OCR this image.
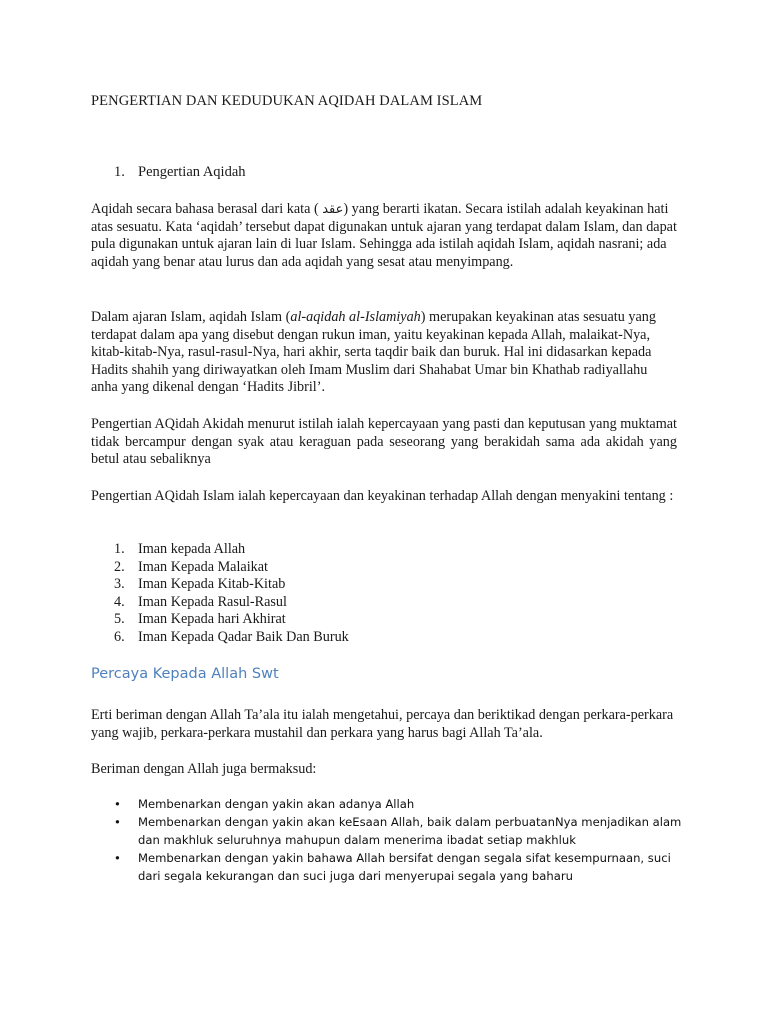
PENGERTIAN DAN KEDUDUKAN AQIDAH DALAM ISLAM
1. Pengertian Aqidah
Aqidah secara bahasa berasal dari kata ( عقد) yang berarti ikatan. Secara istilah adalah keyakinan hati atas sesuatu. Kata ‘aqidah’ tersebut dapat digunakan untuk ajaran yang terdapat dalam Islam, dan dapat pula digunakan untuk ajaran lain di luar Islam. Sehingga ada istilah aqidah Islam, aqidah nasrani; ada aqidah yang benar atau lurus dan ada aqidah yang sesat atau menyimpang.
Dalam ajaran Islam, aqidah Islam (al-aqidah al-Islamiyah) merupakan keyakinan atas sesuatu yang terdapat dalam apa yang disebut dengan rukun iman, yaitu keyakinan kepada Allah, malaikat-Nya, kitab-kitab-Nya, rasul-rasul-Nya, hari akhir, serta taqdir baik dan buruk. Hal ini didasarkan kepada Hadits shahih yang diriwayatkan oleh Imam Muslim dari Shahabat Umar bin Khathab radiyallahu anha yang dikenal dengan ‘Hadits Jibril’.
Pengertian AQidah Akidah menurut istilah ialah kepercayaan yang pasti dan keputusan yang muktamat tidak bercampur dengan syak atau keraguan pada seseorang yang berakidah sama ada akidah yang betul atau sebaliknya
Pengertian AQidah Islam ialah kepercayaan dan keyakinan terhadap Allah dengan menyakini tentang :
1. Iman kepada Allah
2. Iman Kepada Malaikat
3. Iman Kepada Kitab-Kitab
4. Iman Kepada Rasul-Rasul
5. Iman Kepada hari Akhirat
6. Iman Kepada Qadar Baik Dan Buruk
Percaya Kepada Allah Swt
Erti beriman dengan Allah Ta’ala itu ialah mengetahui, percaya dan beriktikad dengan perkara-perkara yang wajib, perkara-perkara mustahil dan perkara yang harus bagi Allah Ta’ala.
Beriman dengan Allah juga bermaksud:
• Membenarkan dengan yakin akan adanya Allah
• Membenarkan dengan yakin akan keEsaan Allah, baik dalam perbuatanNya menjadikan alam dan makhluk seluruhnya mahupun dalam menerima ibadat setiap makhluk
• Membenarkan dengan yakin bahawa Allah bersifat dengan segala sifat kesempurnaan, suci dari segala kekurangan dan suci juga dari menyerupai segala yang baharu
